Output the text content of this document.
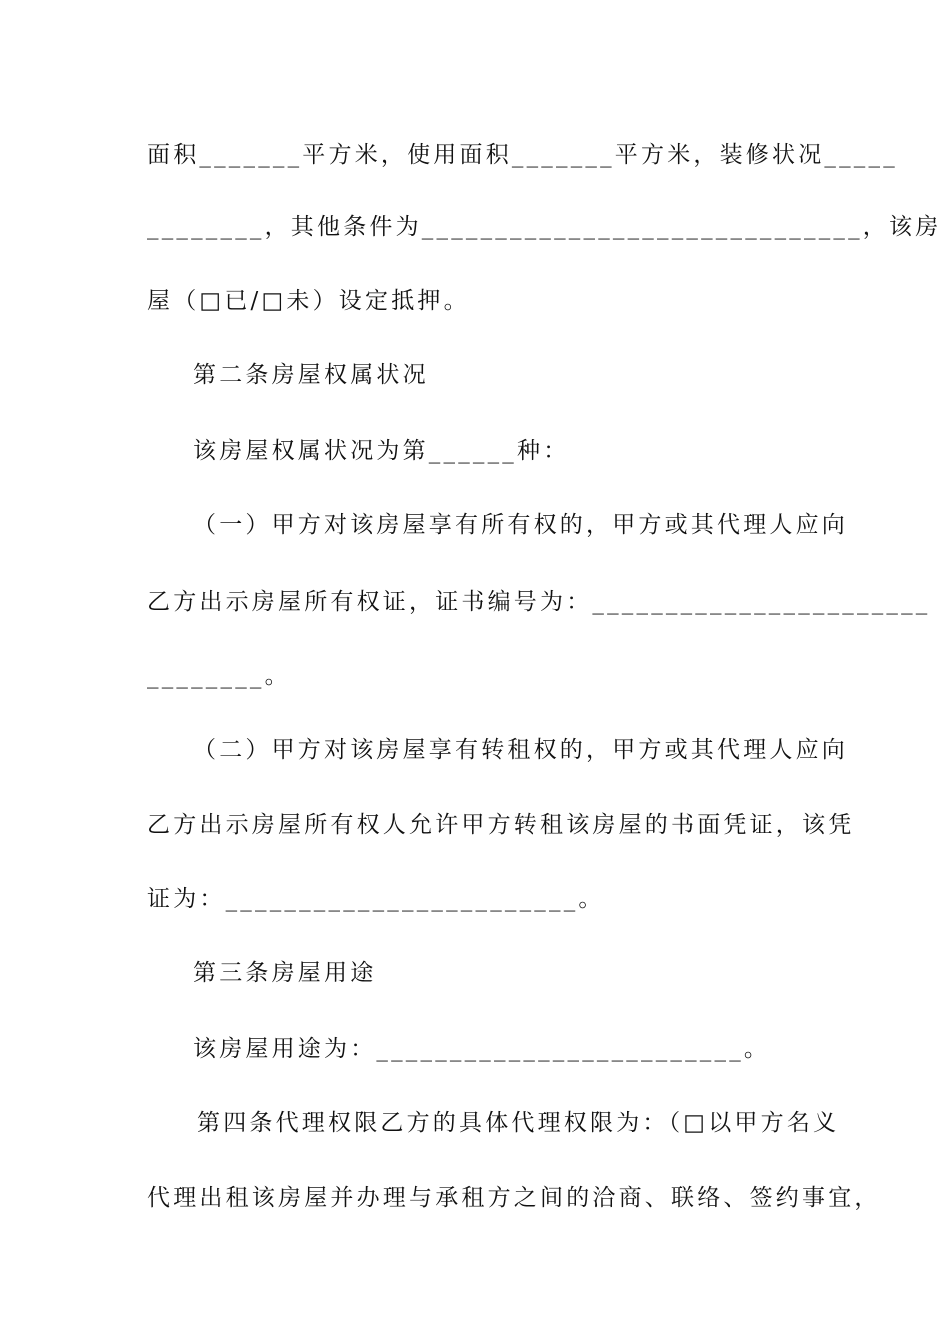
面积_______平方米，使用面积_______平方米，装修状况_____
________，其他条件为______________________________，该房
屋（□已/□未）设定抵押。
第二条房屋权属状况
该房屋权属状况为第______种：
（一）甲方对该房屋享有所有权的，甲方或其代理人应向
乙方出示房屋所有权证，证书编号为：_______________________
________。
（二）甲方对该房屋享有转租权的，甲方或其代理人应向
乙方出示房屋所有权人允许甲方转租该房屋的书面凭证，该凭
证为：________________________。
第三条房屋用途
该房屋用途为：_________________________。
第四条代理权限乙方的具体代理权限为：（□以甲方名义
代理出租该房屋并办理与承租方之间的洽商、联络、签约事宜，
